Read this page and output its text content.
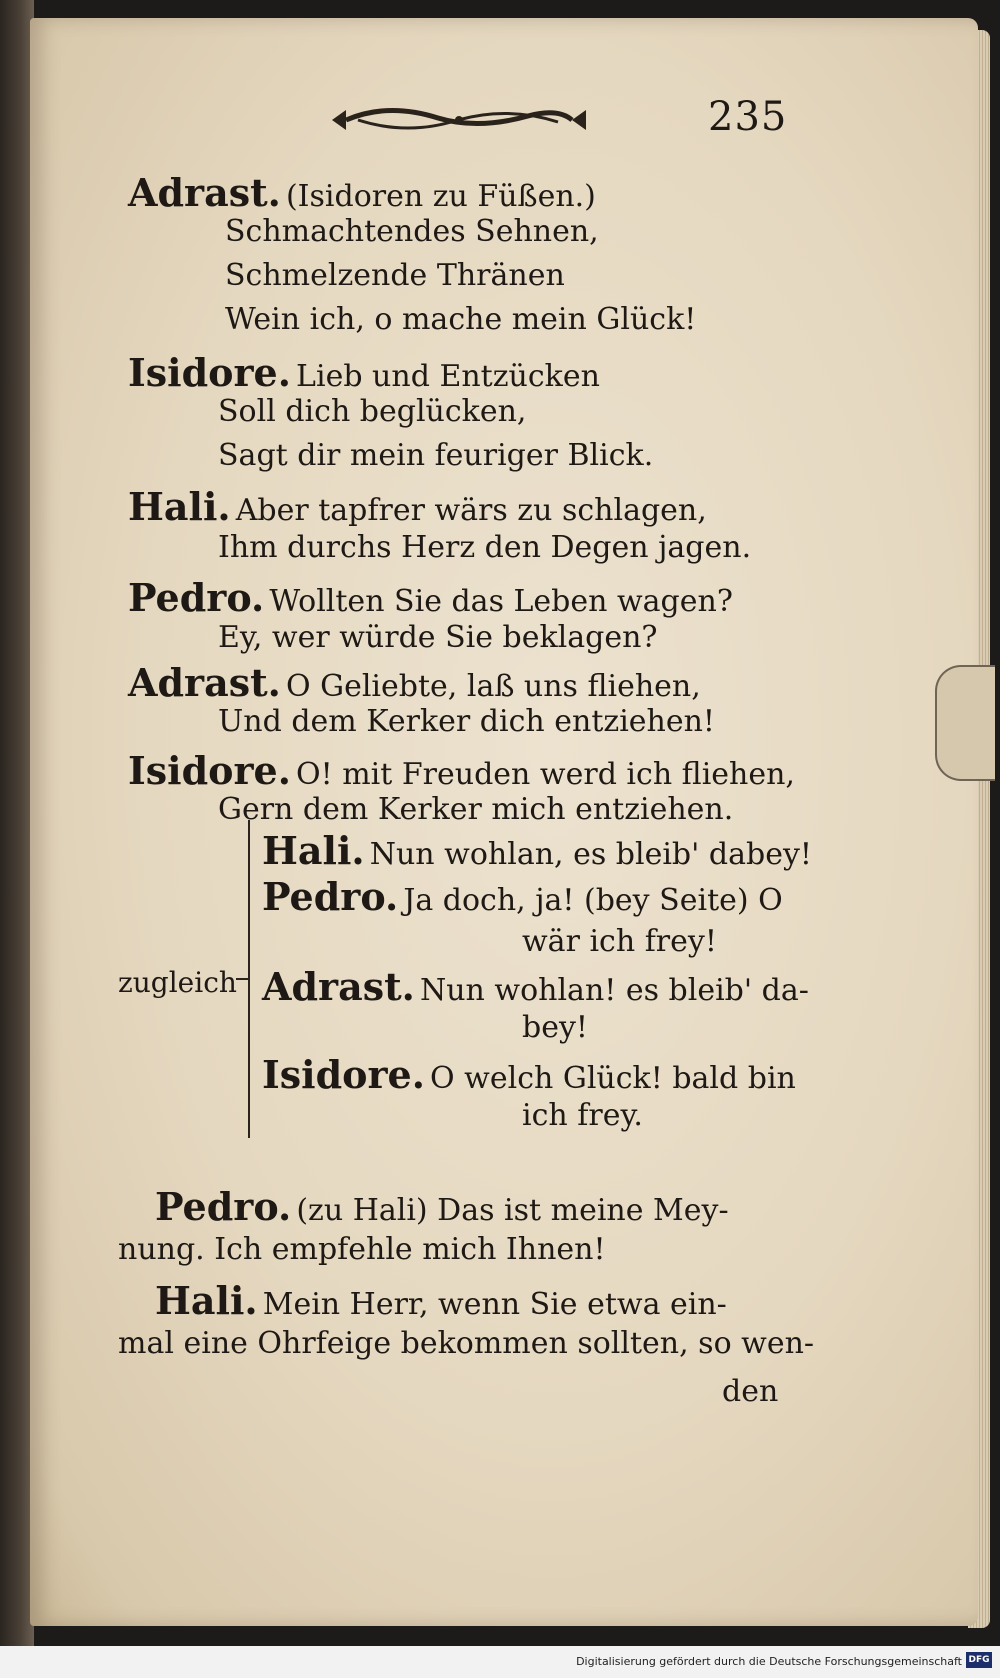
235
Adrast. (Isidoren zu Füßen.)
Schmachtendes Sehnen,
Schmelzende Thränen
Wein ich, o mache mein Glück!
Isidore. Lieb und Entzücken
Soll dich beglücken,
Sagt dir mein feuriger Blick.
Hali. Aber tapfrer wärs zu schlagen,
Ihm durchs Herz den Degen jagen.
Pedro. Wollten Sie das Leben wagen?
Ey, wer würde Sie beklagen?
Adrast. O Geliebte, laß uns fliehen,
Und dem Kerker dich entziehen!
Isidore. O! mit Freuden werd ich fliehen,
Gern dem Kerker mich entziehen.
zugleich
Hali. Nun wohlan, es bleib' dabey!
Pedro. Ja doch, ja! (bey Seite) O
wär ich frey!
Adrast. Nun wohlan! es bleib' da-
bey!
Isidore. O welch Glück! bald bin
ich frey.
Pedro. (zu Hali) Das ist meine Mey-
nung. Ich empfehle mich Ihnen!
Hali. Mein Herr, wenn Sie etwa ein-
mal eine Ohrfeige bekommen sollten, so wen-
den
Digitalisierung gefördert durch die Deutsche Forschungsgemeinschaft DFG
